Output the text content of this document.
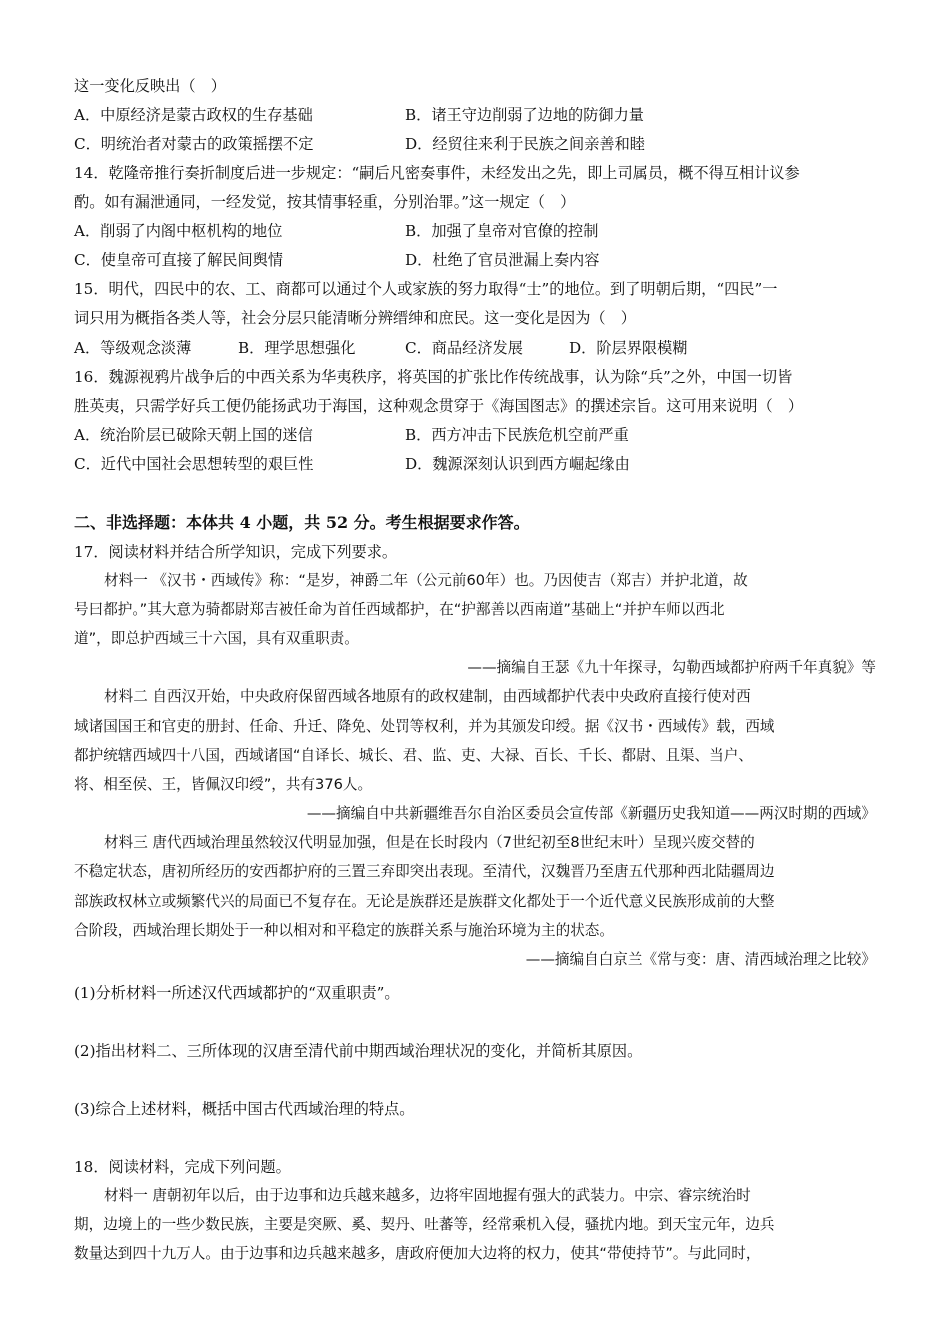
这一变化反映出（　）
A．中原经济是蒙古政权的生存基础	B．诸王守边削弱了边地的防御力量
C．明统治者对蒙古的政策摇摆不定	D．经贸往来利于民族之间亲善和睦
14．乾隆帝推行奏折制度后进一步规定：“嗣后凡密奏事件，未经发出之先，即上司属员，概不得互相计议参
酌。如有漏泄通同，一经发觉，按其情事轻重，分别治罪。”这一规定（　）
A．削弱了内阁中枢机构的地位	B．加强了皇帝对官僚的控制
C．使皇帝可直接了解民间舆情	D．杜绝了官员泄漏上奏内容
15．明代，四民中的农、工、商都可以通过个人或家族的努力取得“士”的地位。到了明朝后期，“四民”一
词只用为概指各类人等，社会分层只能清晰分辨缙绅和庶民。这一变化是因为（　）
A．等级观念淡薄	B．理学思想强化	C．商品经济发展	D．阶层界限模糊
16．魏源视鸦片战争后的中西关系为华夷秩序，将英国的扩张比作传统战事，认为除“兵”之外，中国一切皆
胜英夷，只需学好兵工便仍能扬武功于海国，这种观念贯穿于《海国图志》的撰述宗旨。这可用来说明（　）
A．统治阶层已破除天朝上国的迷信	B．西方冲击下民族危机空前严重
C．近代中国社会思想转型的艰巨性	D．魏源深刻认识到西方崛起缘由
二、非选择题：本体共 4 小题，共 52 分。考生根据要求作答。
17．阅读材料并结合所学知识，完成下列要求。
材料一 《汉书・西域传》称：“是岁，神爵二年（公元前60年）也。乃因使吉（郑吉）并护北道，故
号曰都护。”其大意为骑都尉郑吉被任命为首任西域都护，在“护鄯善以西南道”基础上“并护车师以西北
道”，即总护西域三十六国，具有双重职责。
——摘编自王瑟《九十年探寻，勾勒西域都护府两千年真貌》等
材料二 自西汉开始，中央政府保留西域各地原有的政权建制，由西域都护代表中央政府直接行使对西
域诸国国王和官吏的册封、任命、升迁、降免、处罚等权利，并为其颁发印绶。据《汉书・西域传》载，西域
都护统辖西域四十八国，西域诸国“自译长、城长、君、监、吏、大禄、百长、千长、都尉、且渠、当户、
将、相至侯、王，皆佩汉印绶”，共有376人。
——摘编自中共新疆维吾尔自治区委员会宣传部《新疆历史我知道——两汉时期的西域》
材料三 唐代西域治理虽然较汉代明显加强，但是在长时段内（7世纪初至8世纪末叶）呈现兴废交替的
不稳定状态，唐初所经历的安西都护府的三置三弃即突出表现。至清代，汉魏晋乃至唐五代那种西北陆疆周边
部族政权林立或频繁代兴的局面已不复存在。无论是族群还是族群文化都处于一个近代意义民族形成前的大整
合阶段，西域治理长期处于一种以相对和平稳定的族群关系与施治环境为主的状态。
——摘编自白京兰《常与变：唐、清西域治理之比较》
(1)分析材料一所述汉代西域都护的“双重职责”。
(2)指出材料二、三所体现的汉唐至清代前中期西域治理状况的变化，并简析其原因。
(3)综合上述材料，概括中国古代西域治理的特点。
18．阅读材料，完成下列问题。
材料一 唐朝初年以后，由于边事和边兵越来越多，边将牢固地握有强大的武装力。中宗、睿宗统治时
期，边境上的一些少数民族，主要是突厥、奚、契丹、吐蕃等，经常乘机入侵，骚扰内地。到天宝元年，边兵
数量达到四十九万人。由于边事和边兵越来越多，唐政府便加大边将的权力，使其“带使持节”。与此同时，
